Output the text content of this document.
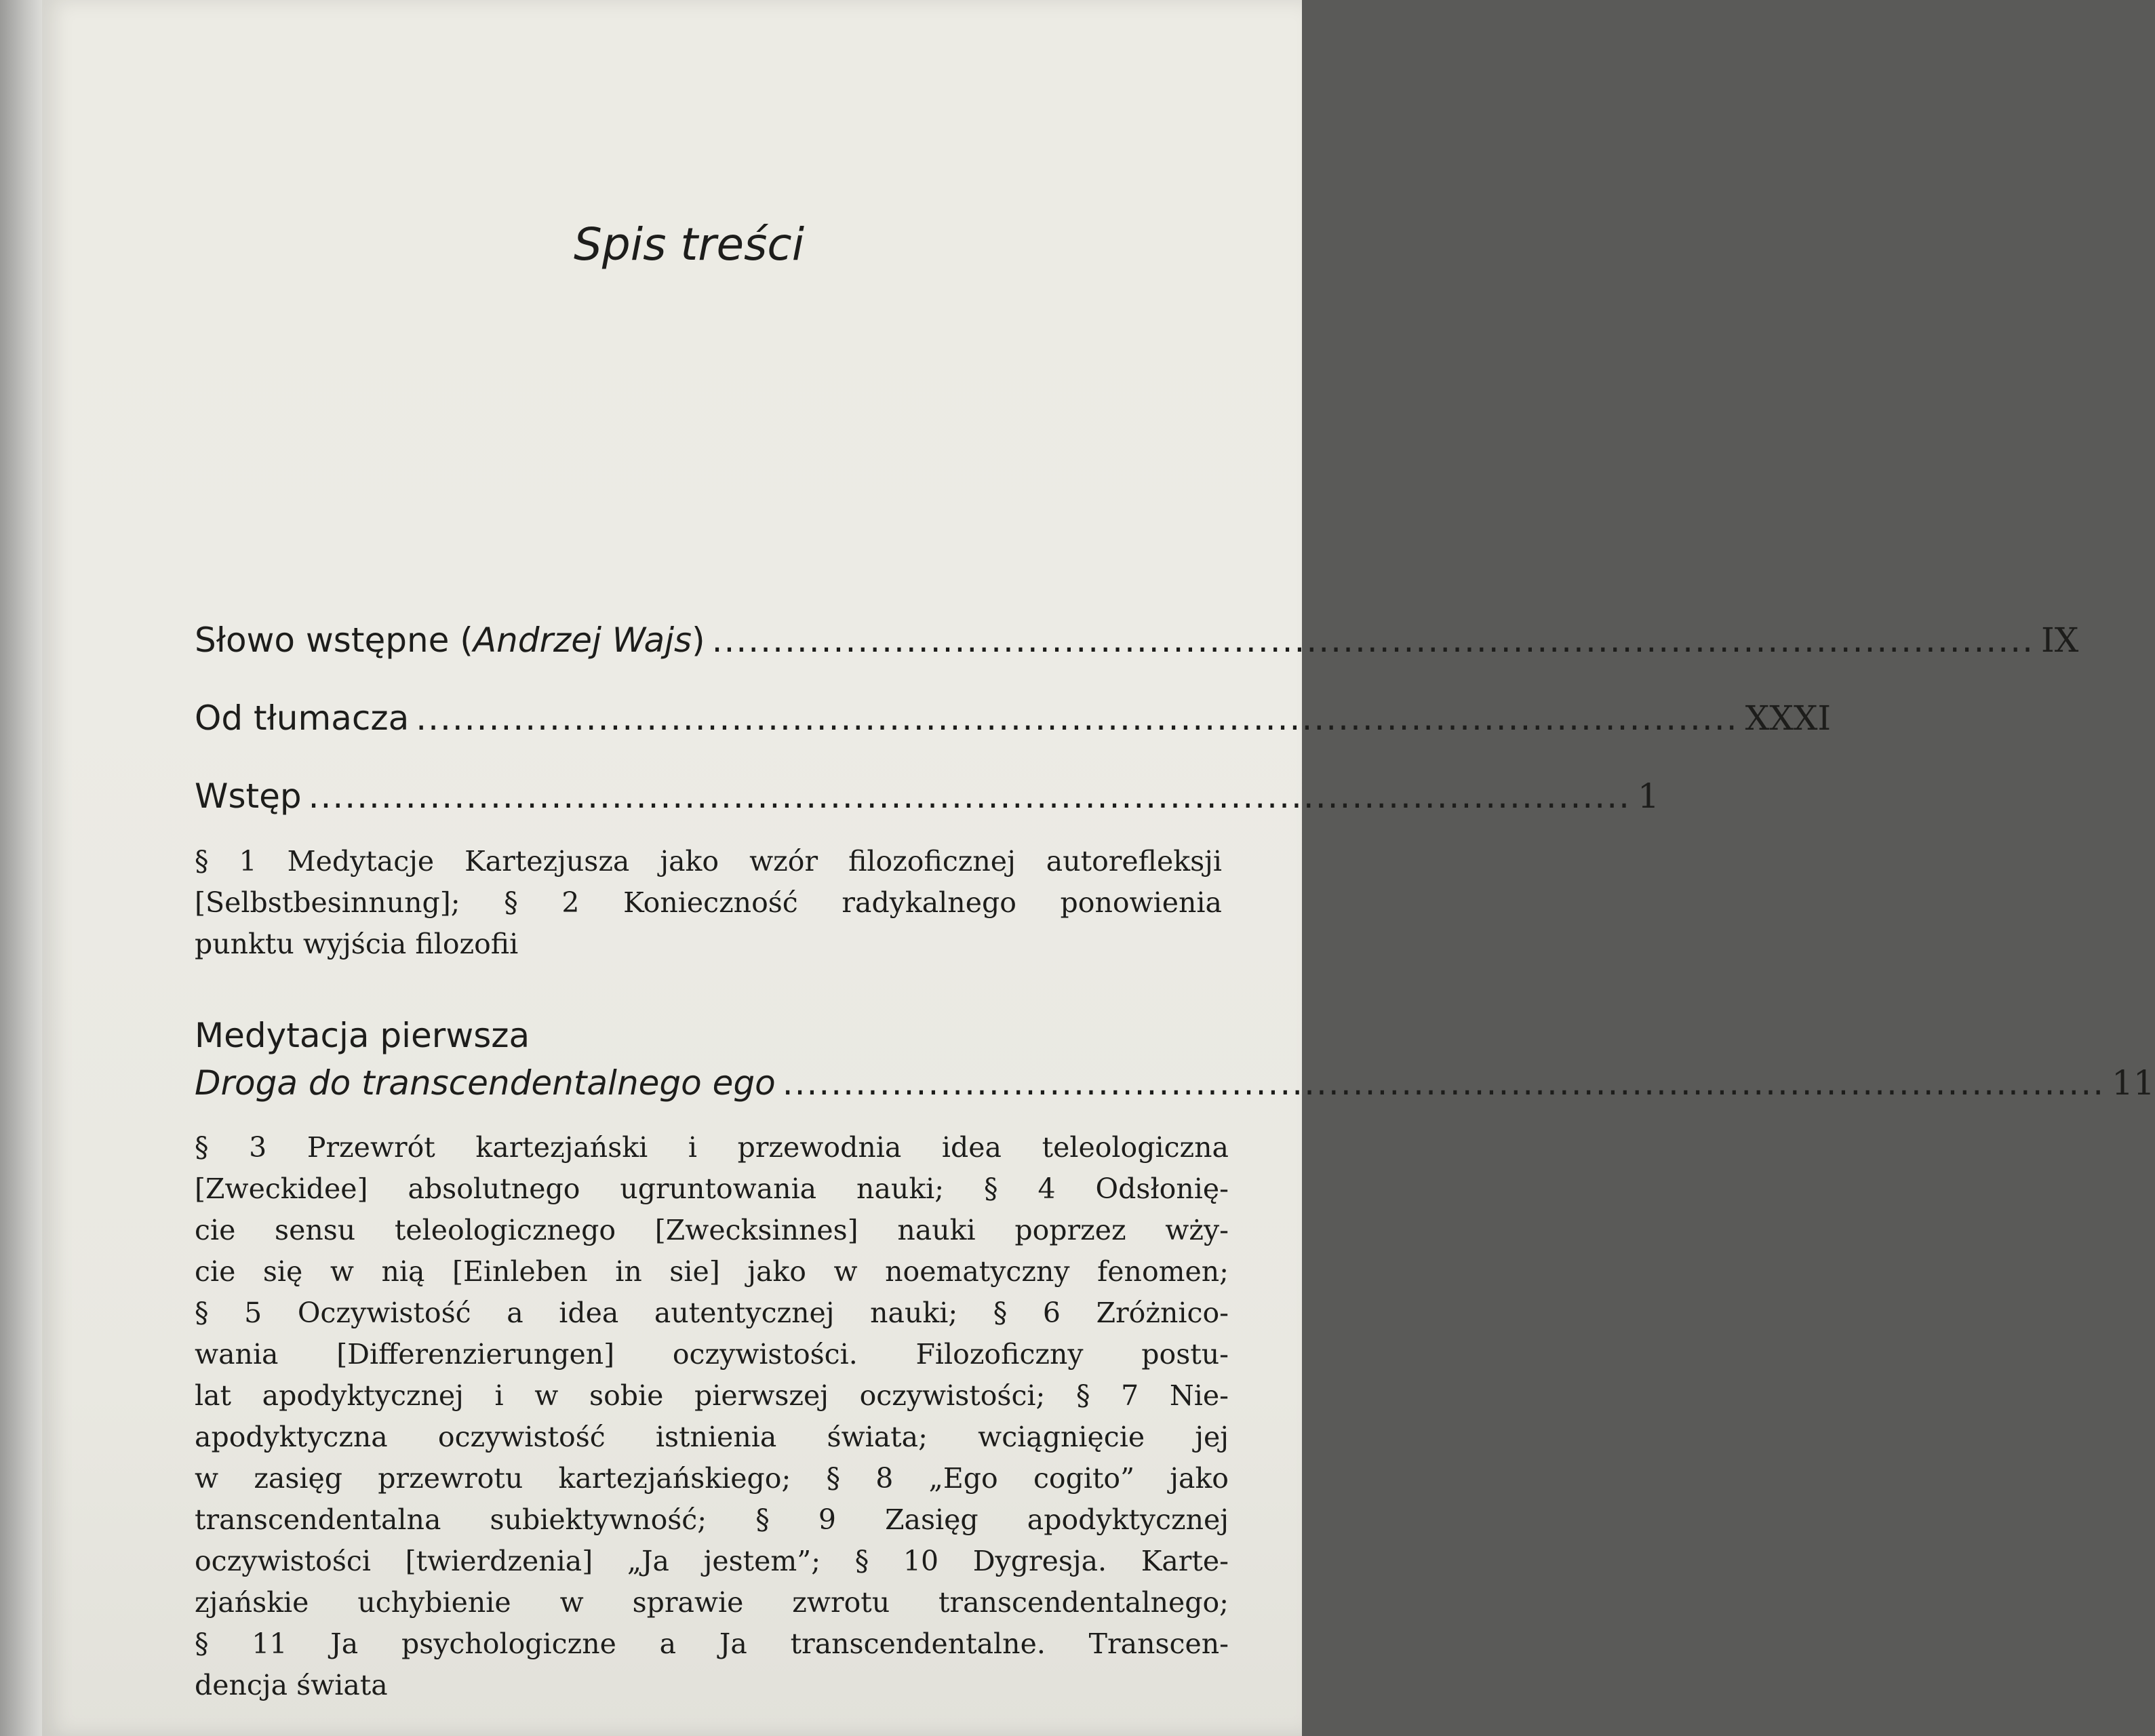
Spis treści
Słowo wstępne (Andrzej Wajs) ............................................................................................................. IX
Od tłumacza ............................................................................................................. XXXI
Wstęp ............................................................................................................. 1
§ 1 Medytacje Kartezjusza jako wzór filozoficznej autorefleksji
[Selbstbesinnung]; § 2 Konieczność radykalnego ponowienia
punktu wyjścia filozofii
Medytacja pierwsza
Droga do transcendentalnego ego ............................................................................................................. 11
§ 3 Przewrót kartezjański i przewodnia idea teleologiczna
[Zweckidee] absolutnego ugruntowania nauki; § 4 Odsłonię-
cie sensu teleologicznego [Zwecksinnes] nauki poprzez wży-
cie się w nią [Einleben in sie] jako w noematyczny fenomen;
§ 5 Oczywistość a idea autentycznej nauki; § 6 Zróżnico-
wania [Differenzierungen] oczywistości. Filozoficzny postu-
lat apodyktycznej i w sobie pierwszej oczywistości; § 7 Nie-
apodyktyczna oczywistość istnienia świata; wciągnięcie jej
w zasięg przewrotu kartezjańskiego; § 8 „Ego cogito” jako
transcendentalna subiektywność; § 9 Zasięg apodyktycznej
oczywistości [twierdzenia] „Ja jestem”; § 10 Dygresja. Karte-
zjańskie uchybienie w sprawie zwrotu transcendentalnego;
§ 11 Ja psychologiczne a Ja transcendentalne. Transcen-
dencja świata
